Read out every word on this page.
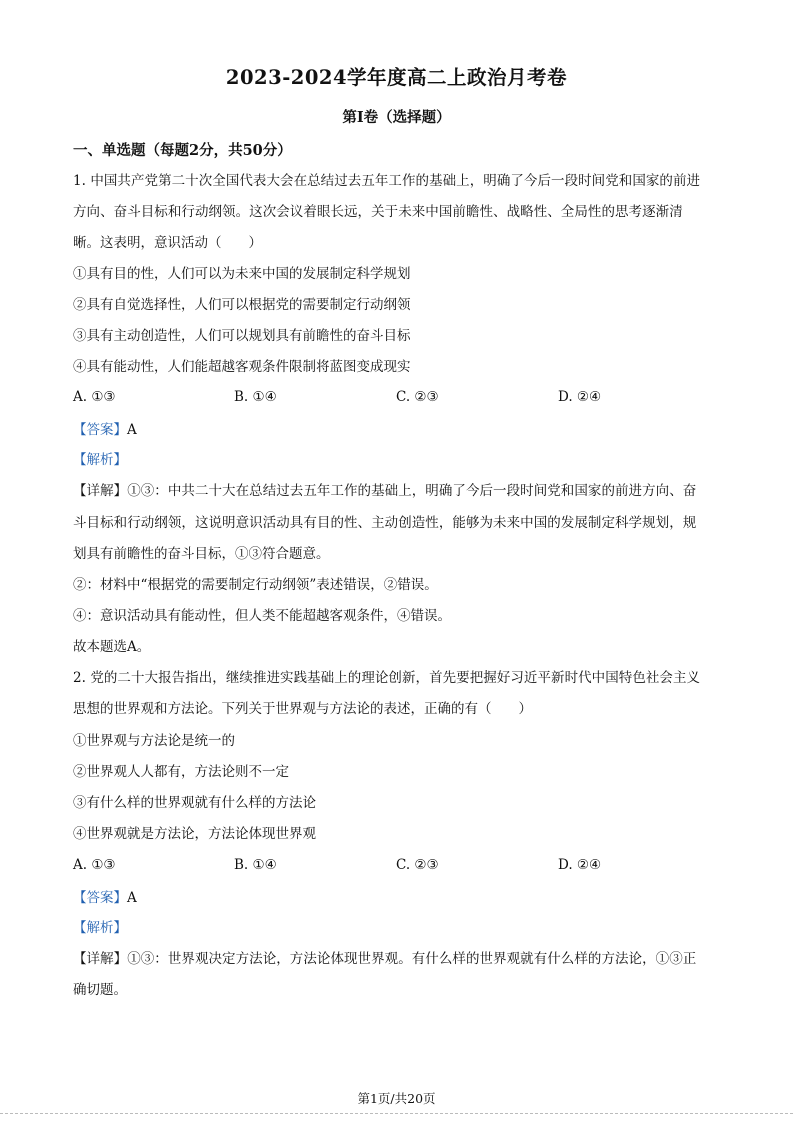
2023-2024学年度高二上政治月考卷
第I卷（选择题）
一、单选题（每题2分，共50分）
1. 中国共产党第二十次全国代表大会在总结过去五年工作的基础上，明确了今后一段时间党和国家的前进
方向、奋斗目标和行动纲领。这次会议着眼长远，关于未来中国前瞻性、战略性、全局性的思考逐渐清
晰。这表明，意识活动（　　）
①具有目的性，人们可以为未来中国的发展制定科学规划
②具有自觉选择性，人们可以根据党的需要制定行动纲领
③具有主动创造性，人们可以规划具有前瞻性的奋斗目标
④具有能动性，人们能超越客观条件限制将蓝图变成现实
A. ①③	B. ①④	C. ②③	D. ②④
【答案】A
【解析】
【详解】①③：中共二十大在总结过去五年工作的基础上，明确了今后一段时间党和国家的前进方向、奋
斗目标和行动纲领，这说明意识活动具有目的性、主动创造性，能够为未来中国的发展制定科学规划，规
划具有前瞻性的奋斗目标，①③符合题意。
②：材料中“根据党的需要制定行动纲领”表述错误，②错误。
④：意识活动具有能动性，但人类不能超越客观条件，④错误。
故本题选A。
2. 党的二十大报告指出，继续推进实践基础上的理论创新，首先要把握好习近平新时代中国特色社会主义
思想的世界观和方法论。下列关于世界观与方法论的表述，正确的有（　　）
①世界观与方法论是统一的
②世界观人人都有，方法论则不一定
③有什么样的世界观就有什么样的方法论
④世界观就是方法论，方法论体现世界观
A. ①③	B. ①④	C. ②③	D. ②④
【答案】A
【解析】
【详解】①③：世界观决定方法论，方法论体现世界观。有什么样的世界观就有什么样的方法论，①③正
确切题。
第1页/共20页
